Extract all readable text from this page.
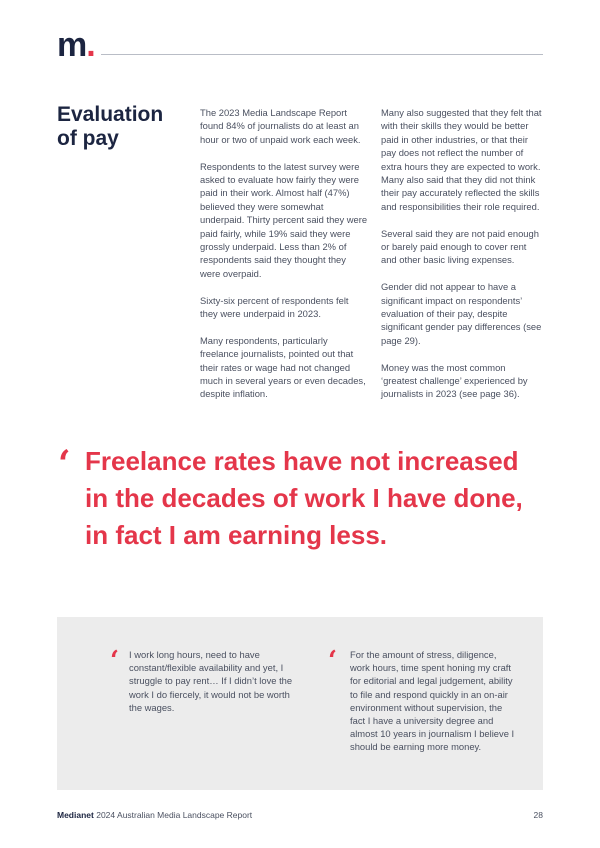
m.
Evaluation
of pay

The 2023 Media Landscape Report found 84% of journalists do at least an hour or two of unpaid work each week.

Respondents to the latest survey were asked to evaluate how fairly they were paid in their work. Almost half (47%) believed they were somewhat underpaid. Thirty percent said they were paid fairly, while 19% said they were grossly underpaid. Less than 2% of respondents said they thought they were overpaid.

Sixty-six percent of respondents felt they were underpaid in 2023.

Many respondents, particularly freelance journalists, pointed out that their rates or wage had not changed much in several years or even decades, despite inflation.

Many also suggested that they felt that with their skills they would be better paid in other industries, or that their pay does not reflect the number of extra hours they are expected to work. Many also said that they did not think their pay accurately reflected the skills and responsibilities their role required.

Several said they are not paid enough or barely paid enough to cover rent and other basic living expenses.

Gender did not appear to have a significant impact on respondents’ evaluation of their pay, despite significant gender pay differences (see page 29).

Money was the most common ‘greatest challenge’ experienced by journalists in 2023 (see page 36).

‘ Freelance rates have not increased in the decades of work I have done, in fact I am earning less.
‘ I work long hours, need to have constant/flexible availability and yet, I struggle to pay rent… If I didn’t love the work I do fiercely, it would not be worth the wages.
‘ For the amount of stress, diligence, work hours, time spent honing my craft for editorial and legal judgement, ability to file and respond quickly in an on-air environment without supervision, the fact I have a university degree and almost 10 years in journalism I believe I should be earning more money.
Medianet 2024 Australian Media Landscape Report	28
